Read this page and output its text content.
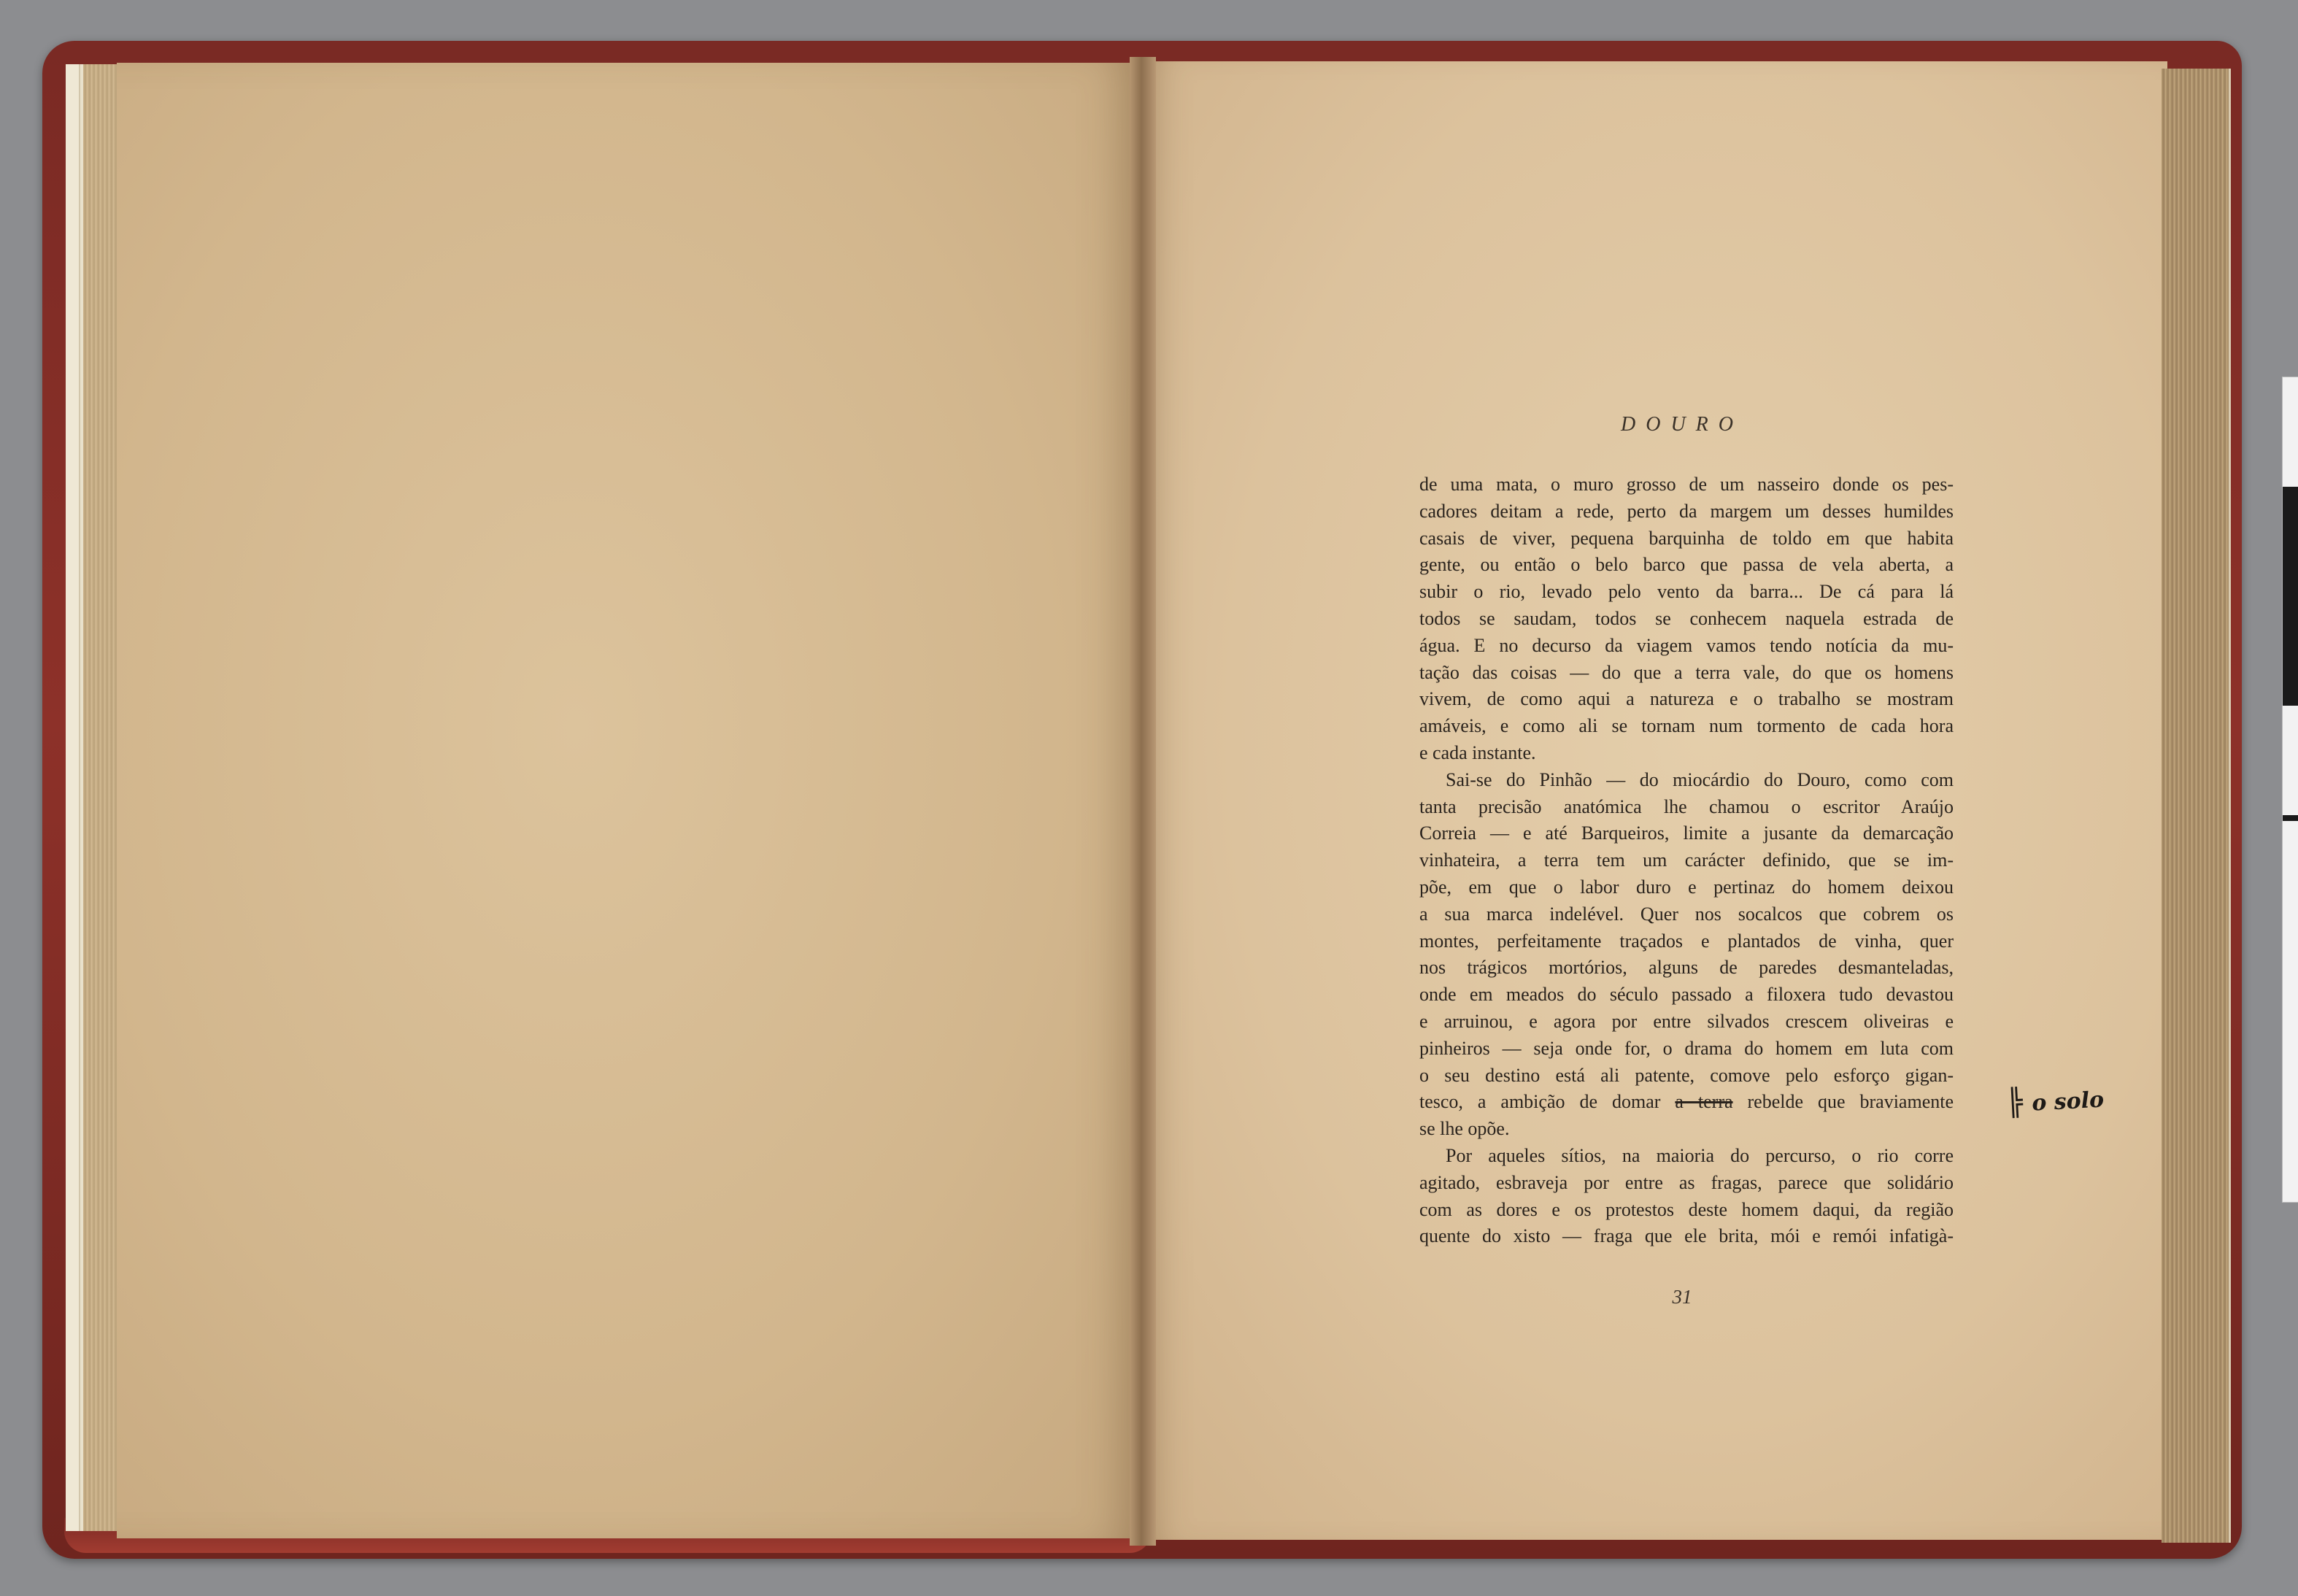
DOURO
de uma mata, o muro grosso de um nasseiro donde os pes-
cadores deitam a rede, perto da margem um desses humildes
casais de viver, pequena barquinha de toldo em que habita
gente, ou então o belo barco que passa de vela aberta, a
subir o rio, levado pelo vento da barra... De cá para lá
todos se saudam, todos se conhecem naquela estrada de
água. E no decurso da viagem vamos tendo notícia da mu-
tação das coisas — do que a terra vale, do que os homens
vivem, de como aqui a natureza e o trabalho se mostram
amáveis, e como ali se tornam num tormento de cada hora
e cada instante.
Sai-se do Pinhão — do miocárdio do Douro, como com
tanta precisão anatómica lhe chamou o escritor Araújo
Correia — e até Barqueiros, limite a jusante da demarcação
vinhateira, a terra tem um carácter definido, que se im-
põe, em que o labor duro e pertinaz do homem deixou
a sua marca indelével. Quer nos socalcos que cobrem os
montes, perfeitamente traçados e plantados de vinha, quer
nos trágicos mortórios, alguns de paredes desmanteladas,
onde em meados do século passado a filoxera tudo devastou
e arruinou, e agora por entre silvados crescem oliveiras e
pinheiros — seja onde for, o drama do homem em luta com
o seu destino está ali patente, comove pelo esforço gigan-
tesco, a ambição de domar a terra rebelde que braviamente
se lhe opõe.
Por aqueles sítios, na maioria do percurso, o rio corre
agitado, esbraveja por entre as fragas, parece que solidário
com as dores e os protestos deste homem daqui, da região
quente do xisto — fraga que ele brita, mói e remói infatigà-
31
╠ o solo
